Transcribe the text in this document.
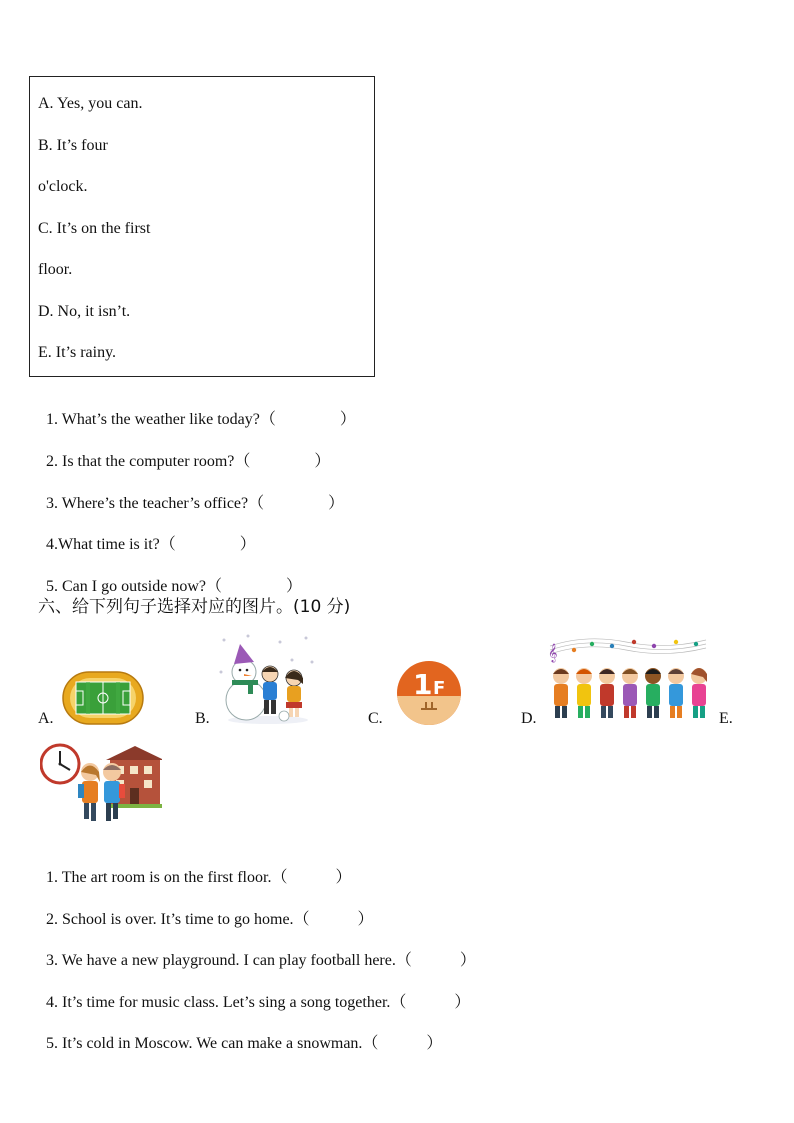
A. Yes, you can.
B. It’s four
o'clock.
C. It’s on the first
floor.
D. No, it isn’t.
E. It’s rainy.

1. What’s the weather like today?（　　　　）

2. Is that the computer room?（　　　　）

3. Where’s the teacher’s office?（　　　　）

4.What time is it?（　　　　）

5. Can I go outside now?（　　　　）

六、给下列句子选择对应的图片。(10 分)
A.	B.	C.	D.	E.
1 F
𝄞

1. The art room is on the first floor.（　　　）

2. School is over. It’s time to go home.（　　　）

3. We have a new playground. I can play football here.（　　　）

4. It’s time for music class. Let’s sing a song together.（　　　）

5. It’s cold in Moscow. We can make a snowman.（　　　）
